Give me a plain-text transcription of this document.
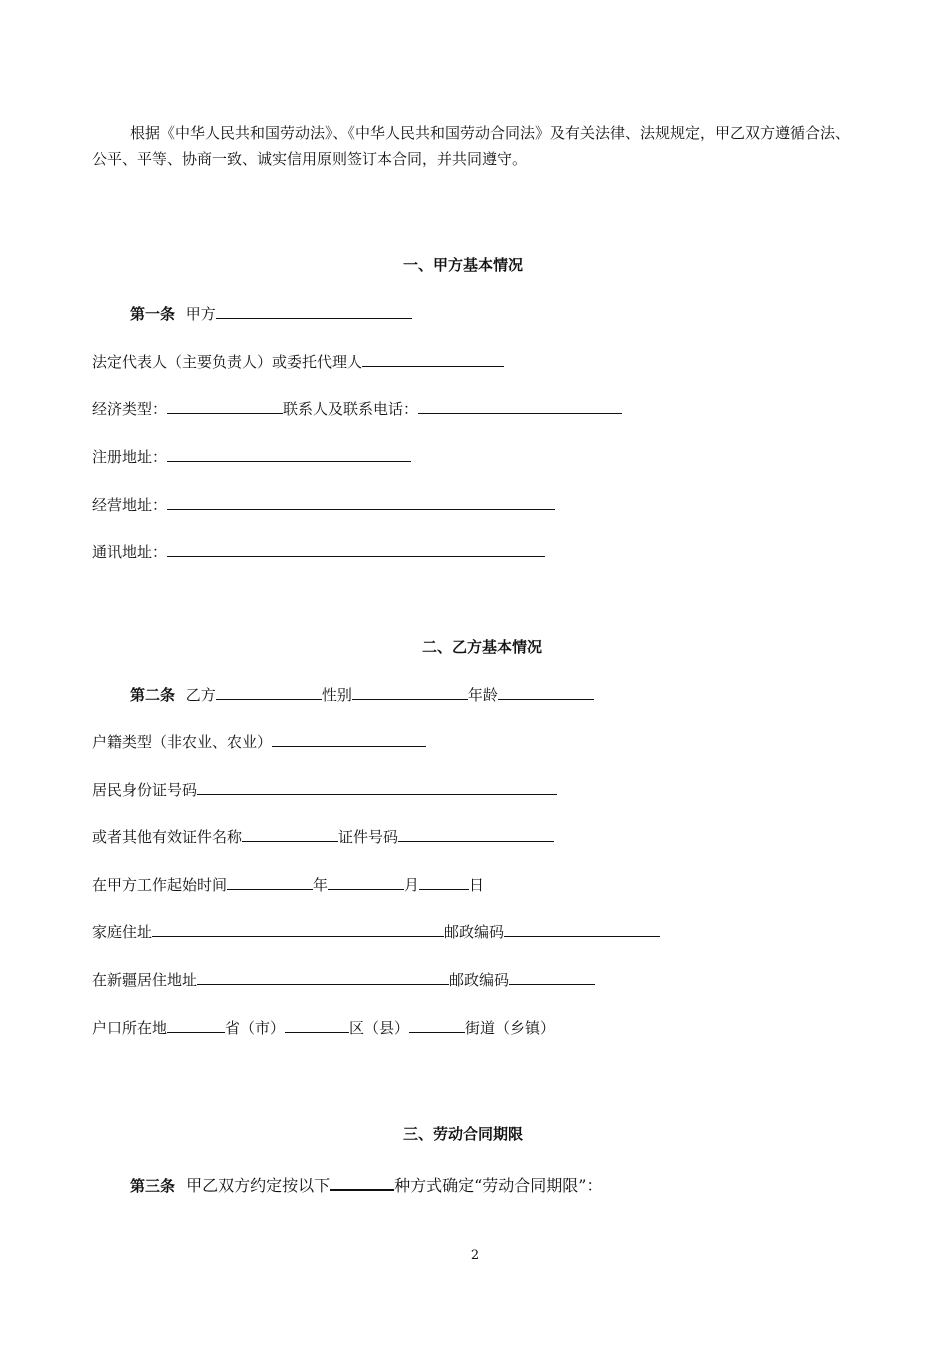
根据《中华人民共和国劳动法》、《中华人民共和国劳动合同法》及有关法律、法规规定，甲乙双方遵循合法、公平、平等、协商一致、诚实信用原则签订本合同，并共同遵守。
一、甲方基本情况
第一条 甲方
法定代表人（主要负责人）或委托代理人
经济类型：	联系人及联系电话：
注册地址：
经营地址：
通讯地址：
二、乙方基本情况
第二条 乙方	性别	年龄
户籍类型（非农业、农业）
居民身份证号码
或者其他有效证件名称	证件号码
在甲方工作起始时间	年	月	日
家庭住址	邮政编码
在新疆居住地址	邮政编码
户口所在地	省（市）	区（县）	街道（乡镇）
三、劳动合同期限
第三条 甲乙双方约定按以下	种方式确定“劳动合同期限”：
2
